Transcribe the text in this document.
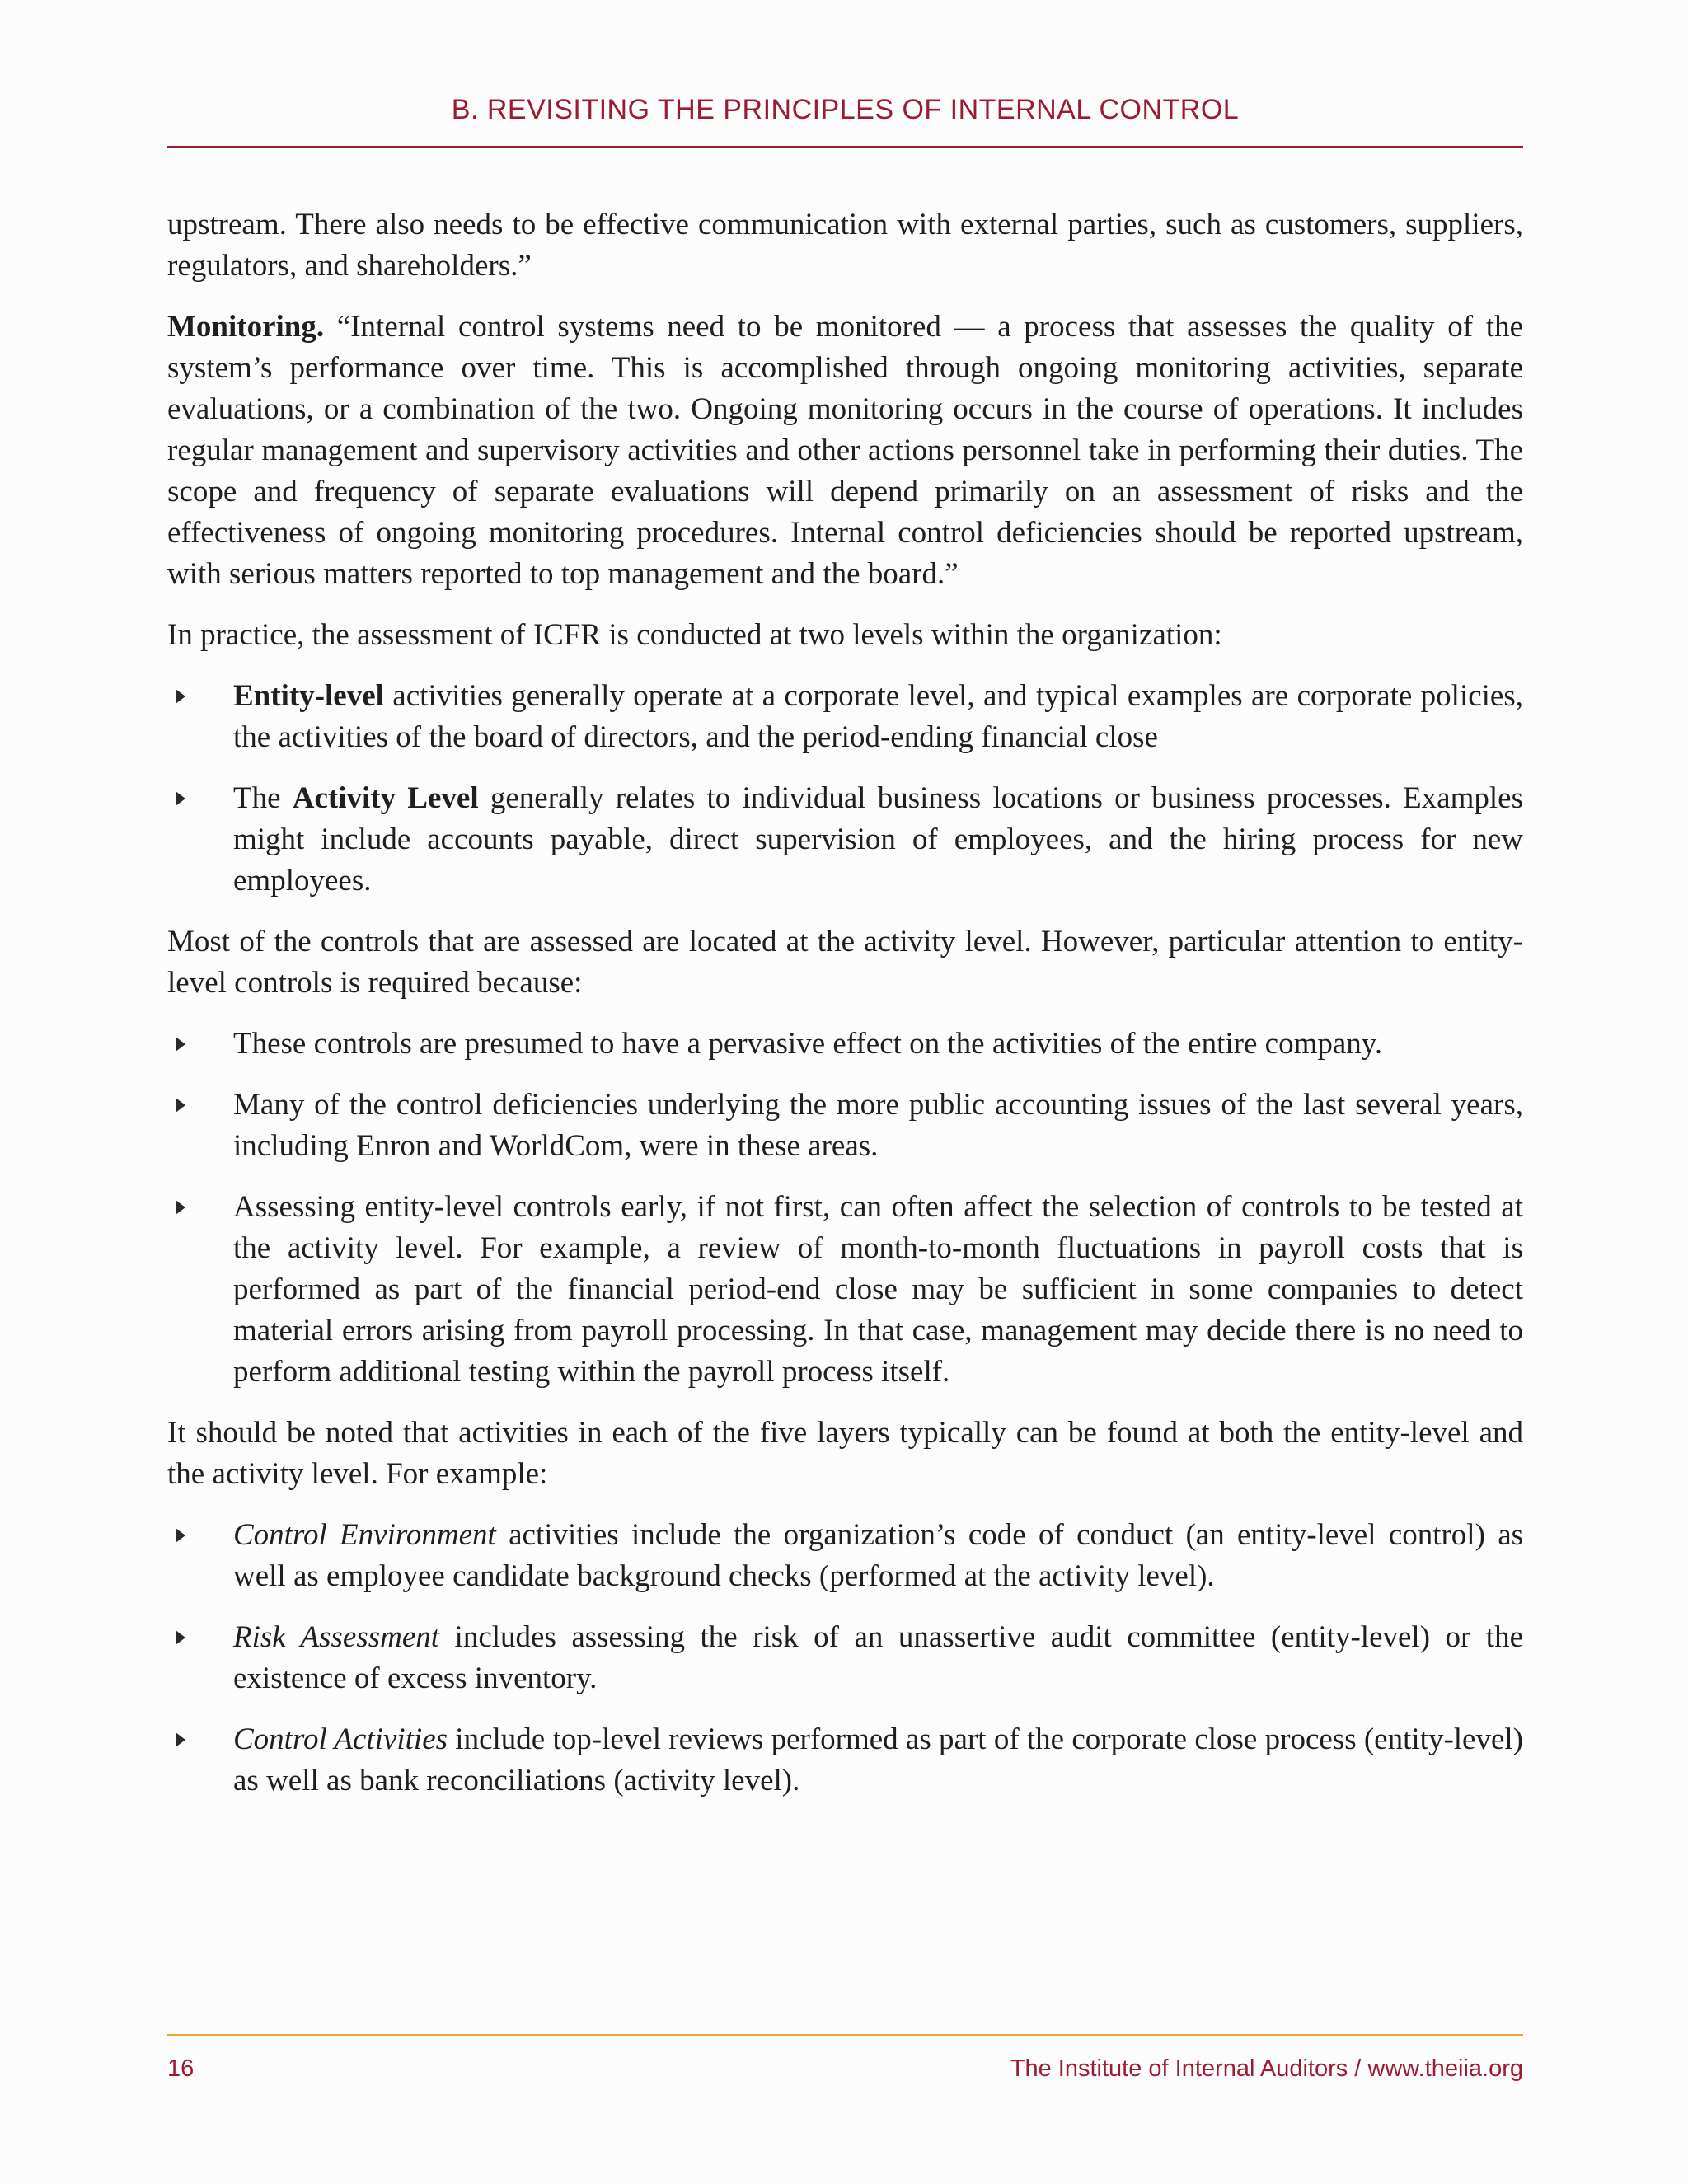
B. REVISITING THE PRINCIPLES OF INTERNAL CONTROL

upstream. There also needs to be effective communication with external parties, such as customers, suppliers, regulators, and shareholders.”

Monitoring. “Internal control systems need to be monitored — a process that assesses the quality of the system’s performance over time. This is accomplished through ongoing monitoring activities, separate evaluations, or a combination of the two. Ongoing monitoring occurs in the course of operations. It includes regular management and supervisory activities and other actions personnel take in performing their duties. The scope and frequency of separate evaluations will depend primarily on an assessment of risks and the effectiveness of ongoing monitoring procedures. Internal control deficiencies should be reported upstream, with serious matters reported to top management and the board.”

In practice, the assessment of ICFR is conducted at two levels within the organization:

Entity-level activities generally operate at a corporate level, and typical examples are corporate policies, the activities of the board of directors, and the period-ending financial close
The Activity Level generally relates to individual business locations or business processes. Examples might include accounts payable, direct supervision of employees, and the hiring process for new employees.

Most of the controls that are assessed are located at the activity level. However, particular attention to entity-level controls is required because:

These controls are presumed to have a pervasive effect on the activities of the entire company.
Many of the control deficiencies underlying the more public accounting issues of the last several years, including Enron and WorldCom, were in these areas.
Assessing entity-level controls early, if not first, can often affect the selection of controls to be tested at the activity level. For example, a review of month-to-month fluctuations in payroll costs that is performed as part of the financial period-end close may be sufficient in some companies to detect material errors arising from payroll processing. In that case, management may decide there is no need to perform additional testing within the payroll process itself.

It should be noted that activities in each of the five layers typically can be found at both the entity-level and the activity level. For example:

Control Environment activities include the organization’s code of conduct (an entity-level control) as well as employee candidate background checks (performed at the activity level).
Risk Assessment includes assessing the risk of an unassertive audit committee (entity-level) or the existence of excess inventory.
Control Activities include top-level reviews performed as part of the corporate close process (entity-level) as well as bank reconciliations (activity level).
16	The Institute of Internal Auditors / www.theiia.org
